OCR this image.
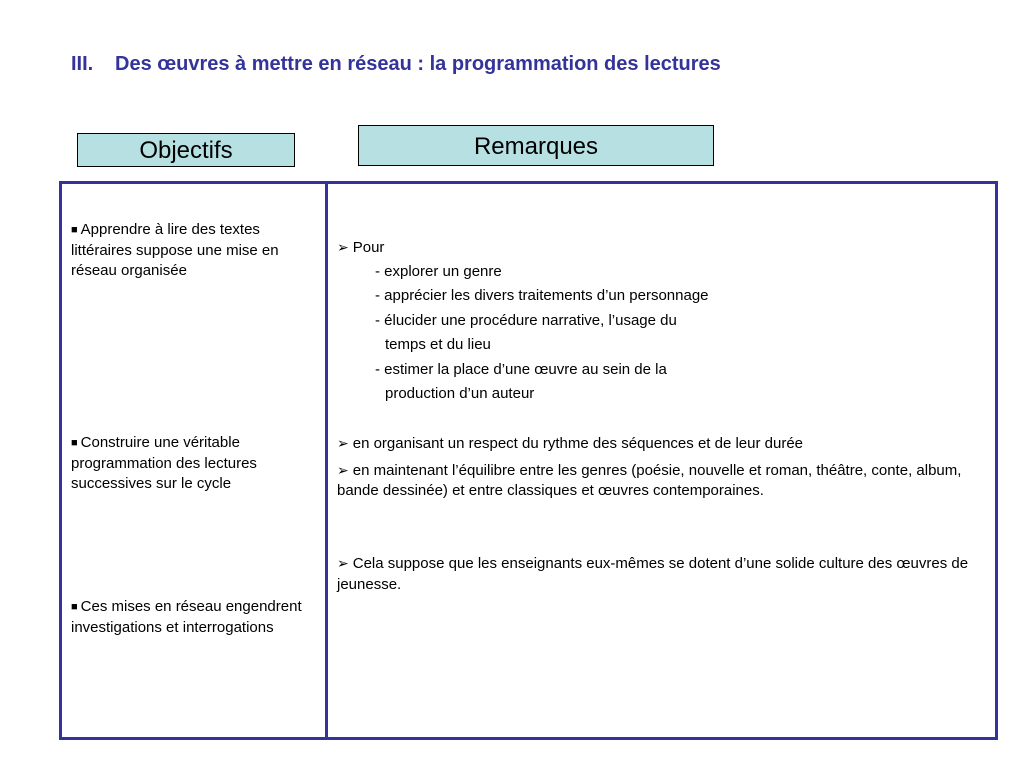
III. Des œuvres à mettre en réseau : la programmation des lectures
Objectifs	Remarques
■ Apprendre à lire des textes littéraires suppose une mise en réseau organisée
■ Construire une véritable programmation des lectures successives sur le cycle
■ Ces mises en réseau engendrent investigations et interrogations
➢ Pour
- explorer un genre
- apprécier les divers traitements d’un personnage
- élucider une procédure narrative, l’usage du
temps et du lieu
- estimer la place d’une œuvre au sein de la
production d’un auteur
➢ en organisant un respect du rythme des séquences et de leur durée
➢ en maintenant l’équilibre entre les genres (poésie, nouvelle et roman, théâtre, conte, album, bande dessinée) et entre classiques et œuvres contemporaines.
➢ Cela suppose que les enseignants eux-mêmes se dotent d’une solide culture des œuvres de jeunesse.
